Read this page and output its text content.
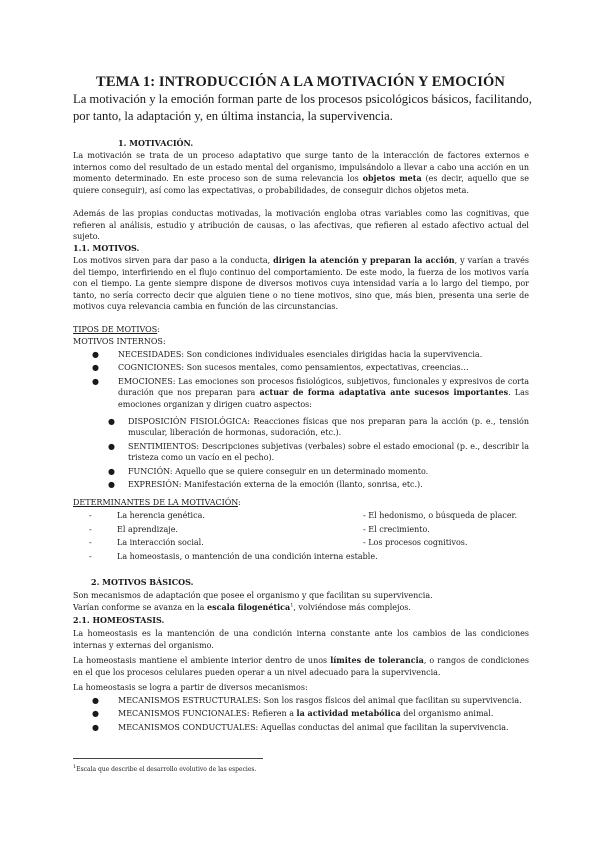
TEMA 1: INTRODUCCIÓN A LA MOTIVACIÓN Y EMOCIÓN
La motivación y la emoción forman parte de los procesos psicológicos básicos, facilitando, por tanto, la adaptación y, en última instancia, la supervivencia.
1. MOTIVACIÓN.
La motivación se trata de un proceso adaptativo que surge tanto de la interacción de factores externos e internos como del resultado de un estado mental del organismo, impulsándolo a llevar a cabo una acción en un momento determinado. En este proceso son de suma relevancia los objetos meta (es decir, aquello que se quiere conseguir), así como las expectativas, o probabilidades, de conseguir dichos objetos meta.
Además de las propias conductas motivadas, la motivación engloba otras variables como las cognitivas, que refieren al análisis, estudio y atribución de causas, o las afectivas, que refieren al estado afectivo actual del sujeto.
1.1. MOTIVOS.
Los motivos sirven para dar paso a la conducta, dirigen la atención y preparan la acción, y varían a través del tiempo, interfiriendo en el flujo continuo del comportamiento. De este modo, la fuerza de los motivos varía con el tiempo. La gente siempre dispone de diversos motivos cuya intensidad varía a lo largo del tiempo, por tanto, no sería correcto decir que alguien tiene o no tiene motivos, sino que, más bien, presenta una serie de motivos cuya relevancia cambia en función de las circunstancias.
TIPOS DE MOTIVOS:
MOTIVOS INTERNOS:
● NECESIDADES: Son condiciones individuales esenciales dirigidas hacia la supervivencia.
● COGNICIONES: Son sucesos mentales, como pensamientos, expectativas, creencias…
● EMOCIONES: Las emociones son procesos fisiológicos, subjetivos, funcionales y expresivos de corta duración que nos preparan para actuar de forma adaptativa ante sucesos importantes. Las emociones organizan y dirigen cuatro aspectos:
● DISPOSICIÓN FISIOLÓGICA: Reacciones físicas que nos preparan para la acción (p. e., tensión muscular, liberación de hormonas, sudoración, etc.).
● SENTIMIENTOS: Descripciones subjetivas (verbales) sobre el estado emocional (p. e., describir la tristeza como un vacío en el pecho).
● FUNCIÓN: Aquello que se quiere conseguir en un determinado momento.
● EXPRESIÓN: Manifestación externa de la emoción (llanto, sonrisa, etc.).
DETERMINANTES DE LA MOTIVACIÓN:
-	La herencia genética.	- El hedonismo, o búsqueda de placer.
-	El aprendizaje.	- El crecimiento.
-	La interacción social.	- Los procesos cognitivos.
-	La homeostasis, o mantención de una condición interna estable.
2. MOTIVOS BÁSICOS.
Son mecanismos de adaptación que posee el organismo y que facilitan su supervivencia.
Varían conforme se avanza en la escala filogenética$^1$, volviéndose más complejos.
2.1. HOMEOSTASIS.
La homeostasis es la mantención de una condición interna constante ante los cambios de las condiciones internas y externas del organismo.
La homeostasis mantiene el ambiente interior dentro de unos límites de tolerancia, o rangos de condiciones en el que los procesos celulares pueden operar a un nivel adecuado para la supervivencia.
La homeostasis se logra a partir de diversos mecanismos:
● MECANISMOS ESTRUCTURALES: Son los rasgos físicos del animal que facilitan su supervivencia.
● MECANISMOS FUNCIONALES: Refieren a la actividad metabólica del organismo animal.
● MECANISMOS CONDUCTUALES: Aquellas conductas del animal que facilitan la supervivencia.
$^1$Escala que describe el desarrollo evolutivo de las especies.
